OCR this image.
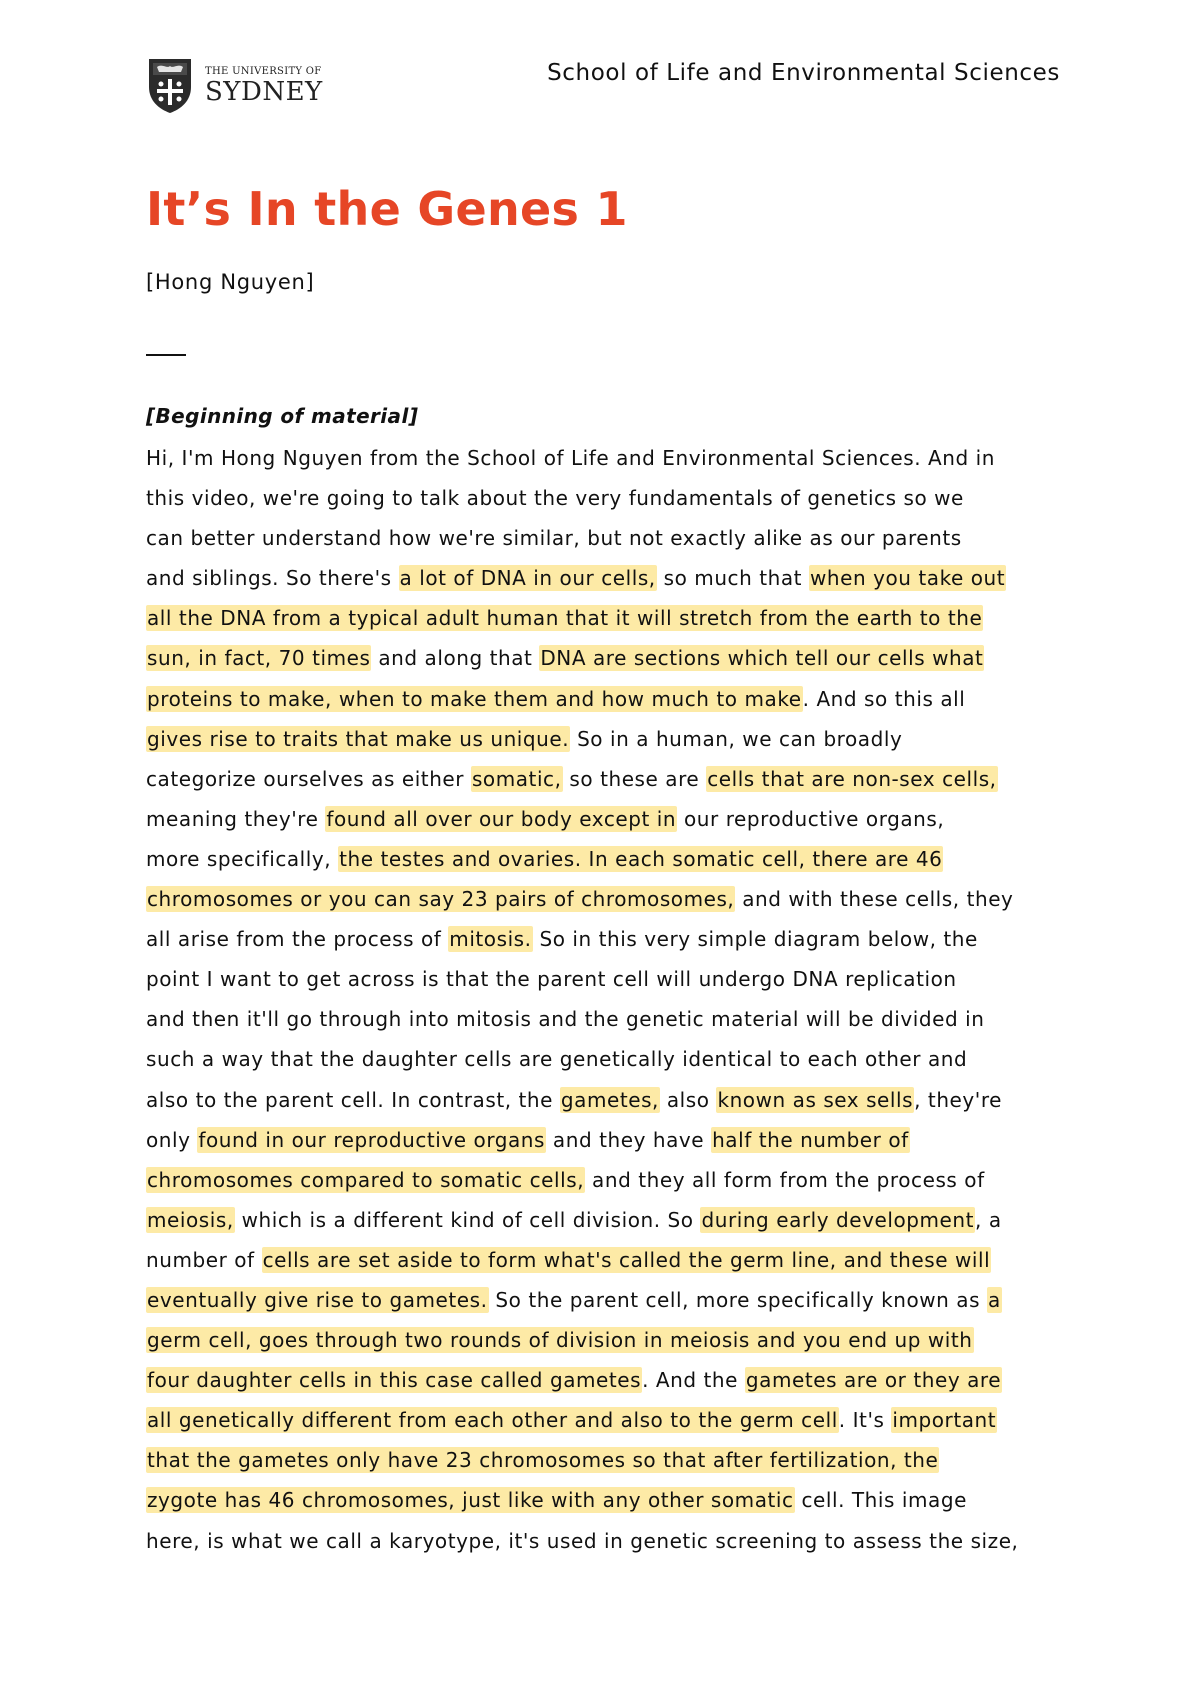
THE UNIVERSITY OF
SYDNEY
School of Life and Environmental Sciences
It’s In the Genes 1
[Hong Nguyen]
[Beginning of material]
Hi, I'm Hong Nguyen from the School of Life and Environmental Sciences. And in
this video, we're going to talk about the very fundamentals of genetics so we
can better understand how we're similar, but not exactly alike as our parents
and siblings. So there's a lot of DNA in our cells, so much that when you take out
all the DNA from a typical adult human that it will stretch from the earth to the
sun, in fact, 70 times and along that DNA are sections which tell our cells what
proteins to make, when to make them and how much to make. And so this all
gives rise to traits that make us unique. So in a human, we can broadly
categorize ourselves as either somatic, so these are cells that are non-sex cells,
meaning they're found all over our body except in our reproductive organs,
more specifically, the testes and ovaries. In each somatic cell, there are 46
chromosomes or you can say 23 pairs of chromosomes, and with these cells, they
all arise from the process of mitosis. So in this very simple diagram below, the
point I want to get across is that the parent cell will undergo DNA replication
and then it'll go through into mitosis and the genetic material will be divided in
such a way that the daughter cells are genetically identical to each other and
also to the parent cell. In contrast, the gametes, also known as sex sells, they're
only found in our reproductive organs and they have half the number of
chromosomes compared to somatic cells, and they all form from the process of
meiosis, which is a different kind of cell division. So during early development, a
number of cells are set aside to form what's called the germ line, and these will
eventually give rise to gametes. So the parent cell, more specifically known as a
germ cell, goes through two rounds of division in meiosis and you end up with
four daughter cells in this case called gametes. And the gametes are or they are
all genetically different from each other and also to the germ cell. It's important
that the gametes only have 23 chromosomes so that after fertilization, the
zygote has 46 chromosomes, just like with any other somatic cell. This image
here, is what we call a karyotype, it's used in genetic screening to assess the size,
